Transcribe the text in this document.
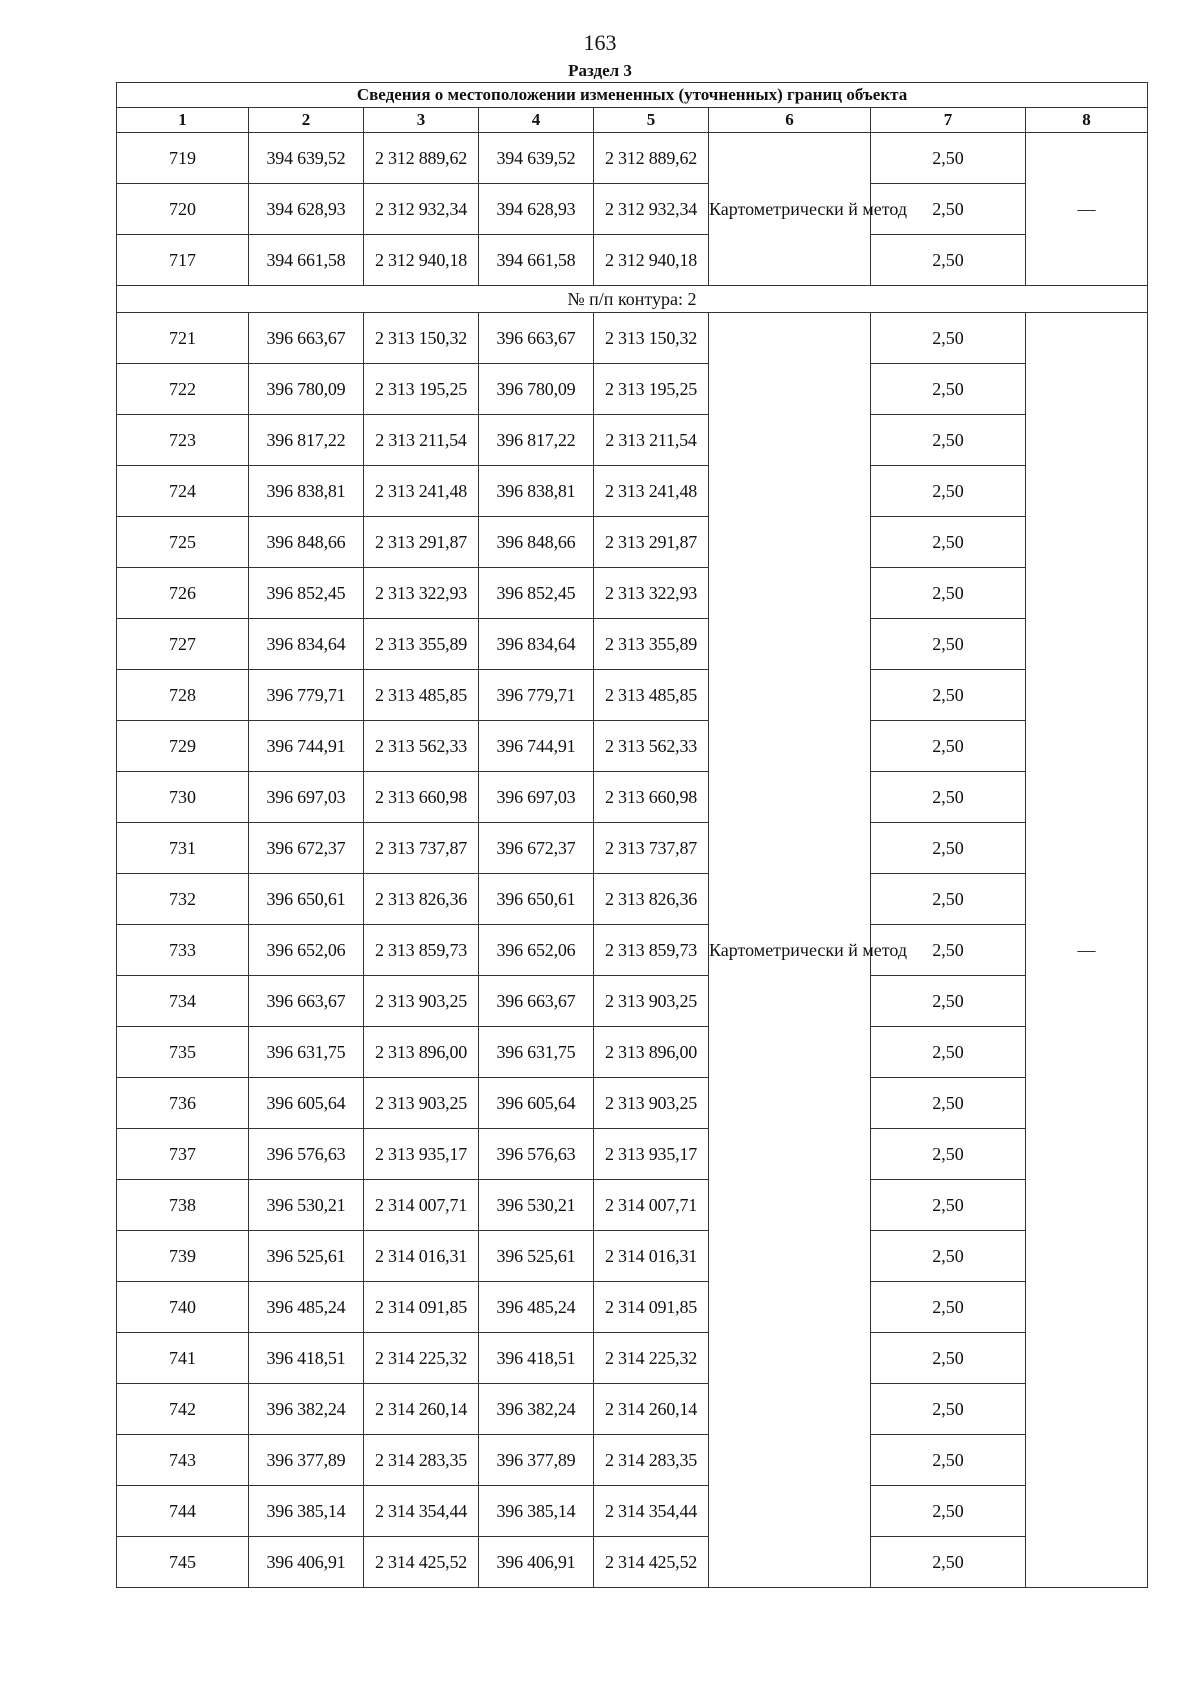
163
Раздел 3
Сведения о местоположении измененных (уточненных) границ объекта							
1	2	3	4	5	6	7	8
719	394 639,52	2 312 889,62	394 639,52	2 312 889,62	Картометрически й метод	2,50	—
720	394 628,93	2 312 932,34	394 628,93	2 312 932,34		2,50	
717	394 661,58	2 312 940,18	394 661,58	2 312 940,18		2,50	
№ п/п контура: 2							
721	396 663,67	2 313 150,32	396 663,67	2 313 150,32	Картометрически й метод	2,50	—
722	396 780,09	2 313 195,25	396 780,09	2 313 195,25		2,50	
723	396 817,22	2 313 211,54	396 817,22	2 313 211,54		2,50	
724	396 838,81	2 313 241,48	396 838,81	2 313 241,48		2,50	
725	396 848,66	2 313 291,87	396 848,66	2 313 291,87		2,50	
726	396 852,45	2 313 322,93	396 852,45	2 313 322,93		2,50	
727	396 834,64	2 313 355,89	396 834,64	2 313 355,89		2,50	
728	396 779,71	2 313 485,85	396 779,71	2 313 485,85		2,50	
729	396 744,91	2 313 562,33	396 744,91	2 313 562,33		2,50	
730	396 697,03	2 313 660,98	396 697,03	2 313 660,98		2,50	
731	396 672,37	2 313 737,87	396 672,37	2 313 737,87		2,50	
732	396 650,61	2 313 826,36	396 650,61	2 313 826,36		2,50	
733	396 652,06	2 313 859,73	396 652,06	2 313 859,73		2,50	
734	396 663,67	2 313 903,25	396 663,67	2 313 903,25		2,50	
735	396 631,75	2 313 896,00	396 631,75	2 313 896,00		2,50	
736	396 605,64	2 313 903,25	396 605,64	2 313 903,25		2,50	
737	396 576,63	2 313 935,17	396 576,63	2 313 935,17		2,50	
738	396 530,21	2 314 007,71	396 530,21	2 314 007,71		2,50	
739	396 525,61	2 314 016,31	396 525,61	2 314 016,31		2,50	
740	396 485,24	2 314 091,85	396 485,24	2 314 091,85		2,50	
741	396 418,51	2 314 225,32	396 418,51	2 314 225,32		2,50	
742	396 382,24	2 314 260,14	396 382,24	2 314 260,14		2,50	
743	396 377,89	2 314 283,35	396 377,89	2 314 283,35		2,50	
744	396 385,14	2 314 354,44	396 385,14	2 314 354,44		2,50	
745	396 406,91	2 314 425,52	396 406,91	2 314 425,52		2,50	
